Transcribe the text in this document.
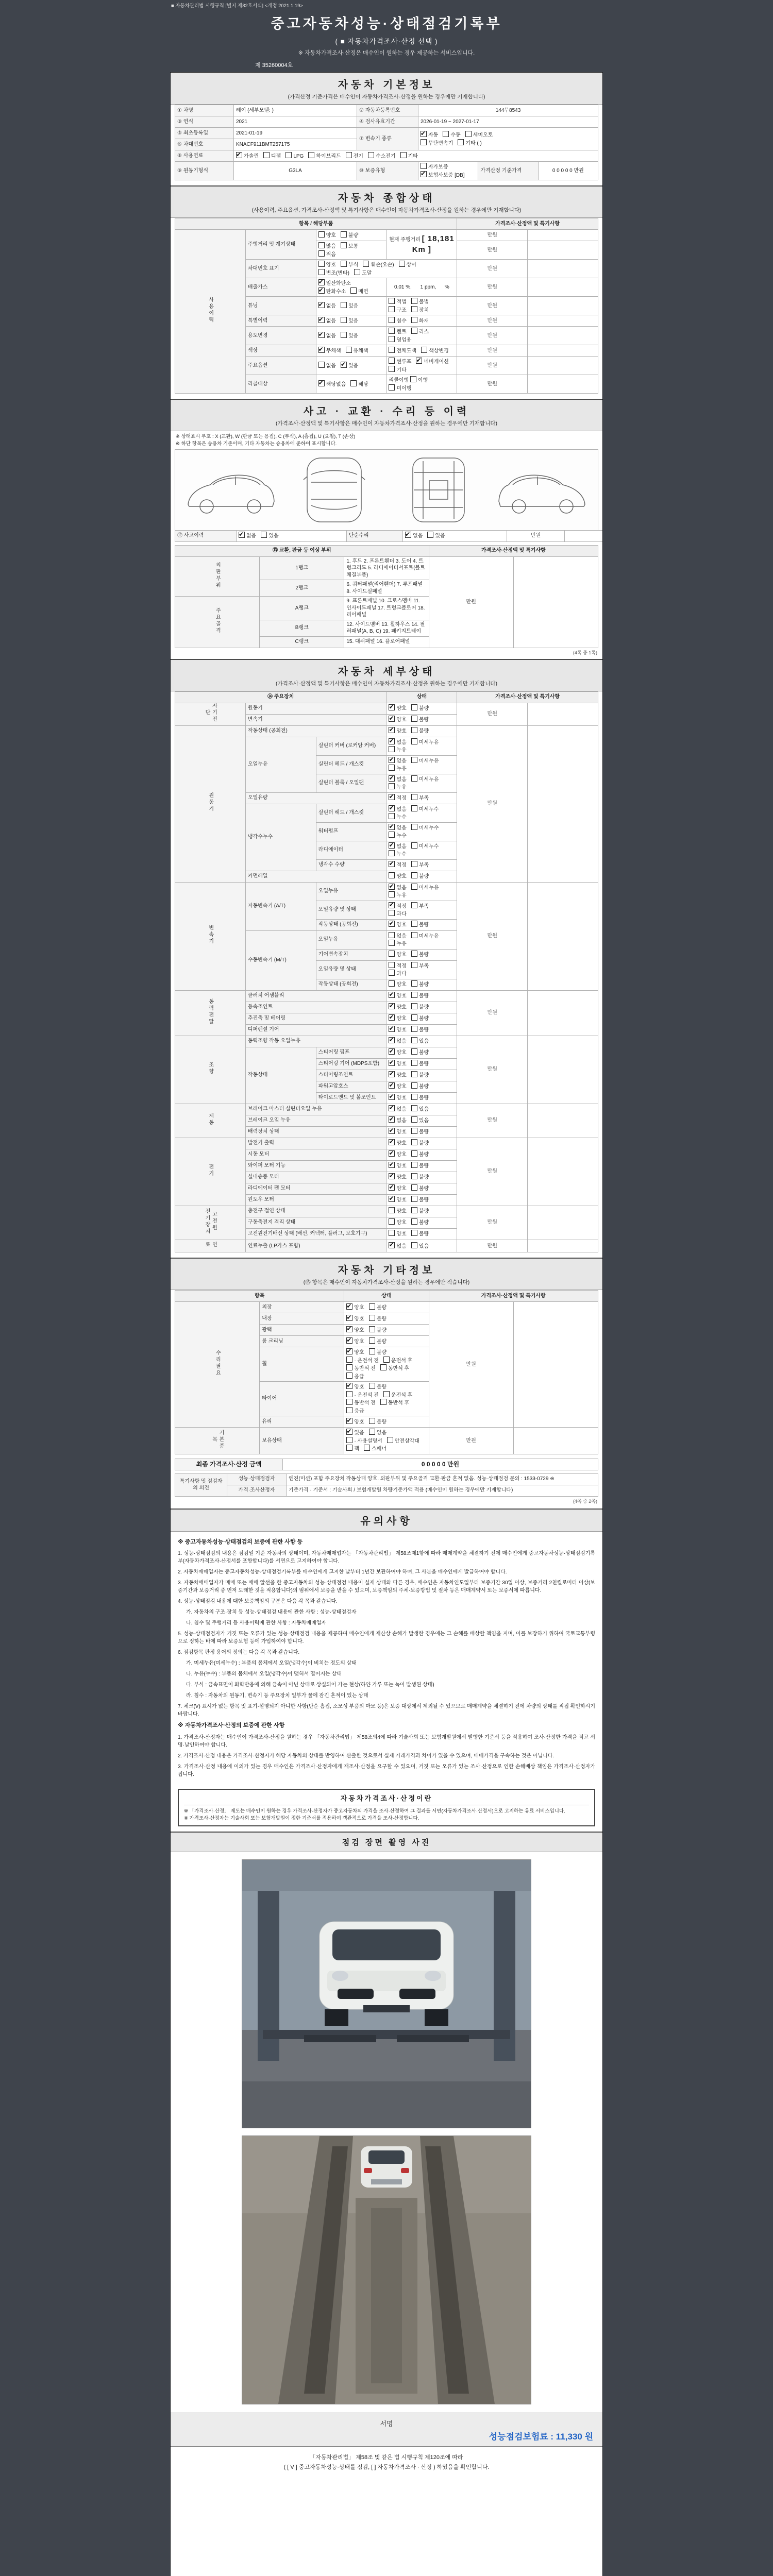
■ 자동차관리법 시행규칙 [별지 제82호서식] <개정 2021.1.19>
중고자동차성능·상태점검기록부
( ■ 자동차가격조사·산정 선택 )
※ 자동차가격조사·산정은 매수인이 원하는 경우 제공하는 서비스입니다.
제 35260004호
자동차 기본정보
(가격산정 기준가격은 매수인이 자동차가격조사·산정을 원하는 경우에만 기재합니다)
① 차명	레이 (세부모델: )	② 자동차등록번호	144무8543		
③ 연식	2021	④ 검사유효기간	2026-01-19 ~ 2027-01-17		
⑤ 최초등록일	2021-01-19	⑦ 변속기 종류	✔자동 수동 세미오토
무단변속기 기타 ( )
⑥ 차대번호	KNACF911BMT257175				
⑧ 사용연료	✔가솔린 디젤 LPG 하이브리드 전기 수소전기 기타
⑨ 원동기형식	G3LA	⑩ 보증유형	자가보증✔보험사보증 [DB]	가격산정 기준가격	0 0 0 0 0 만원
자동차 종합상태
(사용이력, 주요옵션, 가격조사·산정액 및 특기사항은 매수인이 자동차가격조사·산정을 원하는 경우에만 기재합니다)
항목 / 해당부품				가격조사·산정액 및 특기사항	
사용이력	주행거리 및 계기상태	양호 불량	현재 주행거리 [ 18,181Km ]	만원	
		많음 보통적음		만원	
	차대번호 표기	양호 부식 훼손(오손) 상이변조(변타) 도말		만원	
	배출가스	✔일산화탄소✔탄화수소 매연	0.01 %,      1 ppm,      %	만원	
	튜닝	✔없음 있음	적법 불법구조 장치	만원	
	특별이력	✔없음 있음	침수 화재	만원	
	용도변경	✔없음 있음	렌트 리스영업용	만원	
	색상	✔무채색 유채색	전체도색 색상변경	만원	
	주요옵션	없음 ✔ 있음	썬루프 ✔ 네비게이션기타	만원	
	리콜대상	✔해당없음 해당	리콜이행 이행미이행	만원	
사고 · 교환 · 수리 등 이력
(가격조사·산정액 및 특기사항은 매수인이 자동차가격조사·산정을 원하는 경우에만 기재합니다)
※ 상태표시 부호 : X (교환), W (판금 또는 용접), C (부식), A (흠집), U (요철), T (손상)
※ 하단 항목은 승용차 기준이며, 기타 자동차는 승용차에 준하여 표시합니다.
⑫ 사고이력	✔없음 있음	단순수리	✔없음 있음	만원	
⑬ 교환, 판금 등 이상 부위			가격조사·산정액 및 특기사항	
외판부위	1랭크	1. 후드 2. 프론트휀더 3. 도어 4. 트렁크리드 5. 라디에이터서포트(볼트체결부품)	만원	
	2랭크	6. 쿼터패널(리어휀더) 7. 루프패널 8. 사이드실패널		
주요골격	A랭크	9. 프론트패널 10. 크로스멤버 11. 인사이드패널 17. 트렁크플로어 18. 리어패널		
	B랭크	12. 사이드멤버 13. 휠하우스 14. 필러패널(A, B, C) 19. 패키지트레이		
	C랭크	15. 대쉬패널 16. 플로어패널		
(4쪽 중 1쪽)
자동차 세부상태
(가격조사·산정액 및 특기사항은 매수인이 자동차가격조사·산정을 원하는 경우에만 기재합니다)
⑭ 주요장치			상태	가격조사·산정액 및 특기사항	
자기진단	원동기	✔양호 불량	만원	
	변속기	✔양호 불량
원동기	작동상태 (공회전)	✔양호 불량	만원	
	오일누유	실린더 커버 (로커암 커버)	✔없음 미세누유누유
		실린더 헤드 / 개스킷	✔없음 미세누유누유
		실린더 블록 / 오일팬	✔없음 미세누유누유
	오일유량	✔적정 부족
	냉각수누수	실린더 헤드 / 개스킷	✔없음 미세누수누수
		워터펌프	✔없음 미세누수누수
		라디에이터	✔없음 미세누수누수
		냉각수 수량	✔적정 부족
	커먼레일		양호 불량		
변속기	자동변속기 (A/T)	오일누유	✔없음 미세누유누유	만원	
		오일유량 및 상태	✔적정 부족과다
		작동상태 (공회전)	✔양호 불량
	수동변속기 (M/T)	오일누유	없음 미세누유누유		
		기어변속장치	양호 불량		
		오일유량 및 상태	적정 부족과다		
		작동상태 (공회전)	양호 불량		
동력전달	클러치 어셈블리	✔양호 불량	만원	
	등속조인트	✔양호 불량
	추진축 및 베어링	✔양호 불량
	디퍼렌셜 기어	✔양호 불량
조향	동력조향 작동 오일누유	✔없음 있음	만원	
	작동상태	스티어링 펌프	✔양호 불량
		스티어링 기어 (MDPS포함)	✔양호 불량
		스티어링조인트	✔양호 불량
		파워고압호스	✔양호 불량
		타이로드엔드 및 볼조인트	✔양호 불량
제동	브레이크 마스터 실린더오일 누유	✔없음 있음	만원	
	브레이크 오일 누유	✔없음 있음
	배력장치 상태	✔양호 불량
전기	발전기 출력	✔양호 불량	만원	
	시동 모터	✔양호 불량
	와이퍼 모터 기능	✔양호 불량
	실내송풍 모터	✔양호 불량
	라디에이터 팬 모터	✔양호 불량
	윈도우 모터	✔양호 불량
고전원 전기장치	충전구 절연 상태		양호 불량	만원	
	구동축전지 격리 상태		양호 불량		
	고전원전기배선 상태 (배선, 커넥터, 플러그, 보호기구)		양호 불량		
연료	연료누출 (LP가스 포함)	✔없음 있음	만원	
자동차 기타정보
(⑮ 항목은 매수인이 자동차가격조사·산정을 원하는 경우에만 적습니다)
항목		상태	가격조사·산정액 및 특기사항	
수리필요	외장	✔양호 불량	만원	
	내장	✔양호 불량
	광택	✔양호 불량
	룸 크리닝	✔양호 불량
	휠	✔양호 불량· 운전석 전 운전석 후동반석 전 동반석 후응급
	타이어	✔양호 불량· 운전석 전 운전석 후동반석 전 동반석 후응급
	유리	✔양호 불량
기본품목	보유상태	✔있음 없음· 사용설명서 안전삼각대잭 스패너	만원	
최종 가격조사·산정 금액	0 0 0 0 0 만원
특기사항 및 점검자의 의견	성능·상태점검자	엔진(미션) 포함 주요장치 작동상태 양호. 외판부위 및 주요골격 교환·판금 흔적 없음. 성능·상태점검 문의 : 1533-0729 ※
	가격·조사산정자	기준가격 · 기준서 : 기술사회 / 보험개발원 차량기준가액 적용 (매수인이 원하는 경우에만 기재합니다)
(4쪽 중 2쪽)
유의사항

※ 중고자동차성능·상태점검의 보증에 관한 사항 등

1. 성능·상태점검의 내용은 점검일 기준 자동차의 상태이며, 자동차매매업자는 「자동차관리법」 제58조제1항에 따라 매매계약을 체결하기 전에 매수인에게 중고자동차성능·상태점검기록부(자동차가격조사·산정서를 포함합니다)를 서면으로 고지하여야 합니다.

2. 자동차매매업자는 중고자동차성능·상태점검기록부를 매수인에게 고지한 날부터 1년간 보관하여야 하며, 그 사본을 매수인에게 발급하여야 합니다.

3. 자동차매매업자가 매매 또는 매매 알선을 한 중고자동차의 성능·상태점검 내용이 실제 상태와 다른 경우, 매수인은 자동차인도일부터 보증기간 30일 이상, 보증거리 2천킬로미터 이상(보증기간과 보증거리 중 먼저 도래한 것을 적용합니다)의 범위에서 보증을 받을 수 있으며, 보증책임의 주체·보증방법 및 절차 등은 매매계약서 또는 보증서에 따릅니다.

4. 성능·상태점검 내용에 대한 보증책임의 구분은 다음 각 목과 같습니다.

가. 자동차의 구조·장치 등 성능·상태점검 내용에 관한 사항 : 성능·상태점검자

나. 침수 및 주행거리 등 사용이력에 관한 사항 : 자동차매매업자

5. 성능·상태점검자가 거짓 또는 오류가 있는 성능·상태점검 내용을 제공하여 매수인에게 재산상 손해가 발생한 경우에는 그 손해를 배상할 책임을 지며, 이를 보장하기 위하여 국토교통부령으로 정하는 바에 따라 보증보험 등에 가입하여야 합니다.

6. 점검항목 판정 용어의 정의는 다음 각 목과 같습니다.

가. 미세누유(미세누수) : 부품의 몸체에서 오일(냉각수)이 비치는 정도의 상태

나. 누유(누수) : 부품의 몸체에서 오일(냉각수)이 맺혀서 떨어지는 상태

다. 부식 : 금속표면이 화학반응에 의해 금속이 아닌 상태로 상실되어 가는 현상(하얀 가루 또는 녹이 발생된 상태)

라. 침수 : 자동차의 원동기, 변속기 등 주요장치 일부가 물에 잠긴 흔적이 있는 상태

7. 체크(V) 표시가 없는 항목 및 표기·설명되지 아니한 사항(단순 흠집, 소모성 부품의 마모 등)은 보증 대상에서 제외될 수 있으므로 매매계약을 체결하기 전에 차량의 상태를 직접 확인하시기 바랍니다.

※ 자동차가격조사·산정의 보증에 관한 사항

1. 가격조사·산정자는 매수인이 가격조사·산정을 원하는 경우 「자동차관리법」 제58조의4에 따라 기술사회 또는 보험개발원에서 발행한 기준서 등을 적용하여 조사·산정한 가격을 적고 서명·날인하여야 합니다.

2. 가격조사·산정 내용은 가격조사·산정자가 해당 자동차의 상태를 반영하여 산출한 것으로서 실제 거래가격과 차이가 있을 수 있으며, 매매가격을 구속하는 것은 아닙니다.

3. 가격조사·산정 내용에 이의가 있는 경우 매수인은 가격조사·산정자에게 재조사·산정을 요구할 수 있으며, 거짓 또는 오류가 있는 조사·산정으로 인한 손해배상 책임은 가격조사·산정자가 집니다.

자동차가격조사·산정이란
※ 「가격조사·산정」 제도는 매수인이 원하는 경우 가격조사·산정자가 중고자동차의 가격을 조사·산정하여 그 결과를 서면(자동차가격조사·산정서)으로 고지하는 유료 서비스입니다.
※ 가격조사·산정자는 기술사회 또는 보험개발원이 정한 기준서를 적용하여 객관적으로 가격을 조사·산정합니다.
점검 장면 촬영 사진
서명
성능점검보험료 : 11,330 원
「자동차관리법」 제58조 및 같은 법 시행규칙 제120조에 따라
( [ V ] 중고자동차성능·상태를 점검, [ ] 자동차가격조사 · 산정 ) 하였음을 확인합니다.
